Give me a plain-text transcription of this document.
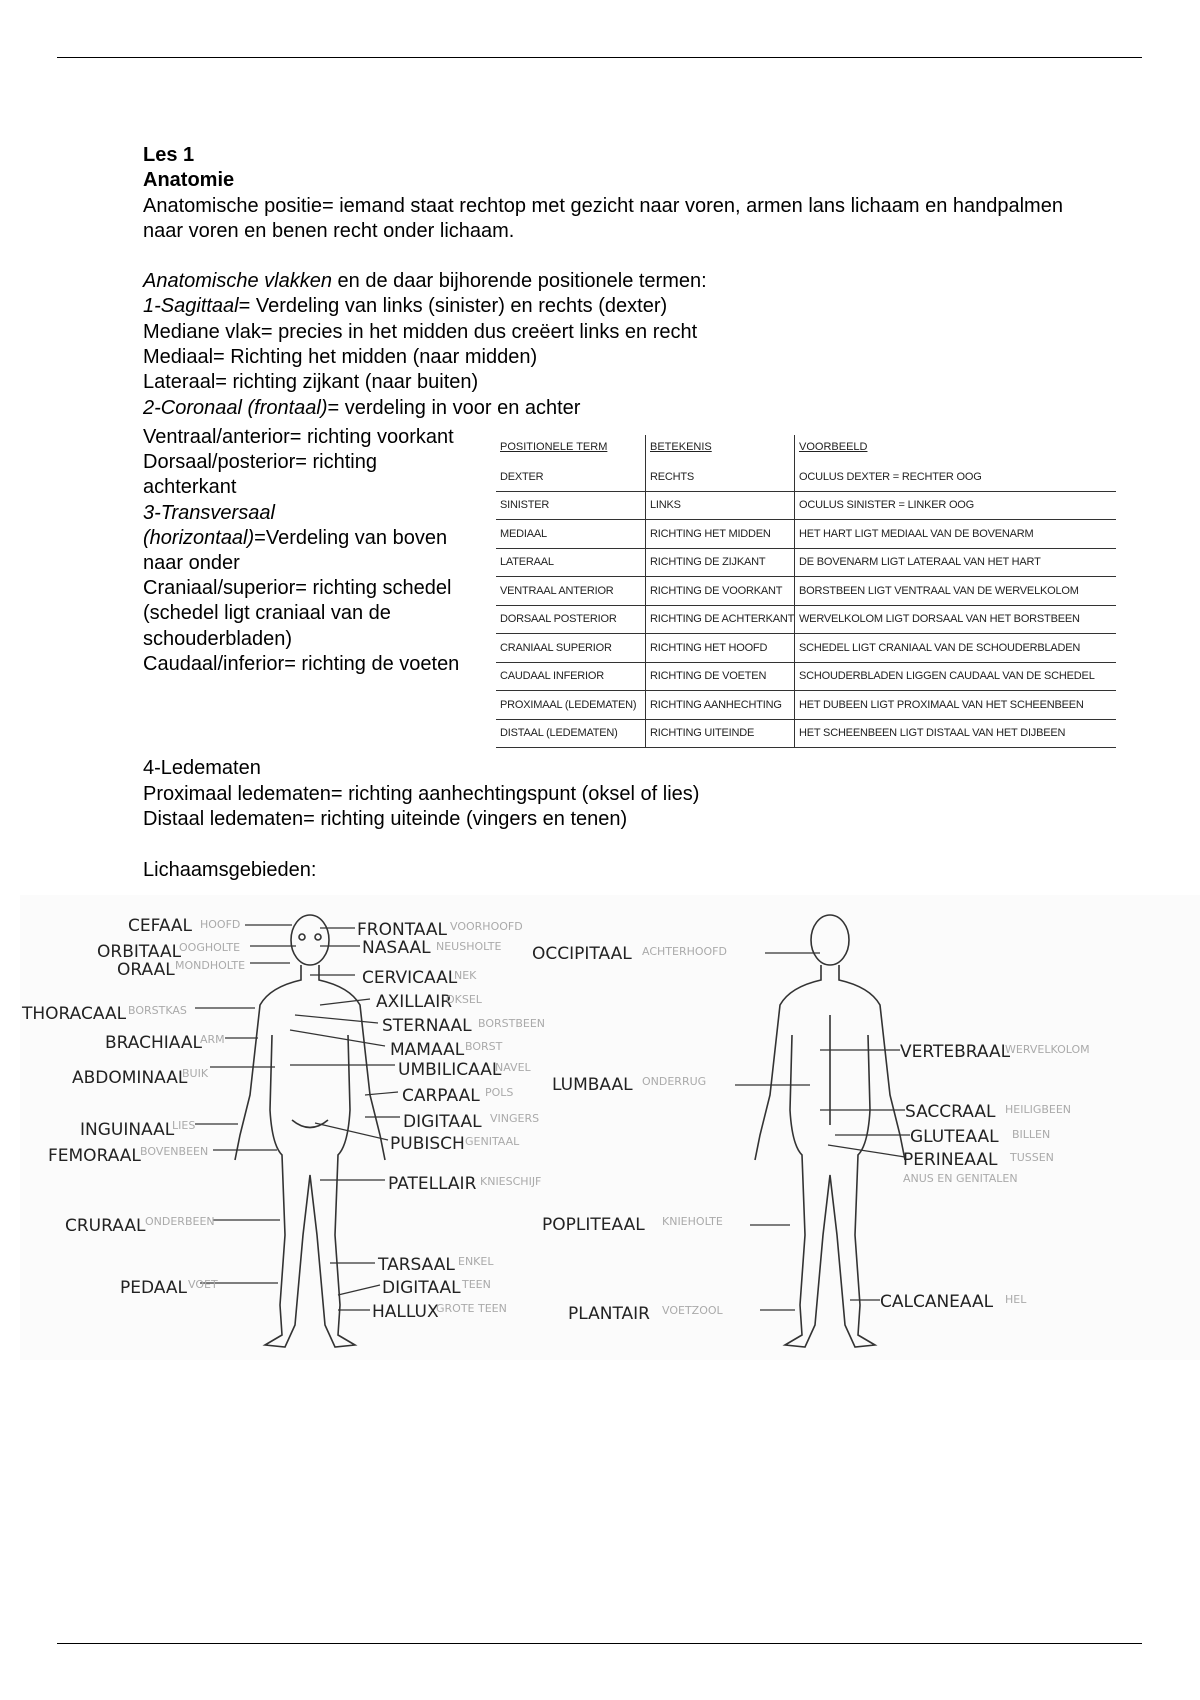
Les 1

Anatomie

Anatomische positie= iemand staat rechtop met gezicht naar voren, armen lans lichaam en handpalmen naar voren en benen recht onder lichaam.

Anatomische vlakken en de daar bijhorende positionele termen:

1-Sagittaal= Verdeling van links (sinister) en rechts (dexter)

Mediane vlak= precies in het midden dus creëert links en recht

Mediaal= Richting het midden (naar midden)

Lateraal= richting zijkant (naar buiten)

2-Coronaal (frontaal)= verdeling in voor en achter

Ventraal/anterior= richting voorkant

Dorsaal/posterior= richting achterkant

3-Transversaal (horizontaal)=Verdeling van boven naar onder

Craniaal/superior= richting schedel (schedel ligt craniaal van de schouderbladen)

Caudaal/inferior= richting de voeten

POSITIONELE TERM	BETEKENIS	VOORBEELD
DEXTER	RECHTS	OCULUS DEXTER = RECHTER OOG
SINISTER	LINKS	OCULUS SINISTER = LINKER OOG
MEDIAAL	RICHTING HET MIDDEN	HET HART LIGT MEDIAAL VAN DE BOVENARM
LATERAAL	RICHTING DE ZIJKANT	DE BOVENARM LIGT LATERAAL VAN HET HART
VENTRAAL ANTERIOR	RICHTING DE VOORKANT	BORSTBEEN LIGT VENTRAAL VAN DE WERVELKOLOM
DORSAAL POSTERIOR	RICHTING DE ACHTERKANT	WERVELKOLOM LIGT DORSAAL VAN HET BORSTBEEN
CRANIAAL SUPERIOR	RICHTING HET HOOFD	SCHEDEL LIGT CRANIAAL VAN DE SCHOUDERBLADEN
CAUDAAL INFERIOR	RICHTING DE VOETEN	SCHOUDERBLADEN LIGGEN CAUDAAL VAN DE SCHEDEL
PROXIMAAL (LEDEMATEN)	RICHTING AANHECHTING	HET DUBEEN LIGT PROXIMAAL VAN HET SCHEENBEEN
DISTAAL (LEDEMATEN)	RICHTING UITEINDE	HET SCHEENBEEN LIGT DISTAAL VAN HET DIJBEEN

4-Ledematen

Proximaal ledematen= richting aanhechtingspunt (oksel of lies)

Distaal ledematen= richting uiteinde (vingers en tenen)

Lichaamsgebieden:

CEFAAL HOOFD
ORBITAAL
OOGHOLTE
ORAAL MONDHOLTE
THORACAAL BORSTKAS
BRACHIAAL
ARM
ABDOMINAAL
BUIK
INGUINAAL
LIES
FEMORAAL BOVENBEEN
CRURAAL ONDERBEEN
PEDAAL VOET
FRONTAAL VOORHOOFD
NASAAL NEUSHOLTE
CERVICAAL
NEK
AXILLAIR
OKSEL
STERNAAL BORSTBEEN
MAMAAL BORST
UMBILICAAL
NAVEL
CARPAAL POLS
DIGITAAL VINGERS
PUBISCH GENITAAL
PATELLAIR KNIESCHIJF
TARSAAL ENKEL
DIGITAAL TEEN
HALLUX
GROTE TEEN
OCCIPITAAL ACHTERHOOFD
LUMBAAL ONDERRUG
POPLITEAAL KNIEHOLTE
PLANTAIR VOETZOOL
VERTEBRAAL
WERVELKOLOM
SACCRAAL HEILIGBEEN
GLUTEAAL BILLEN
PERINEAAL TUSSEN
ANUS EN GENITALEN
CALCANEAAL HEL
